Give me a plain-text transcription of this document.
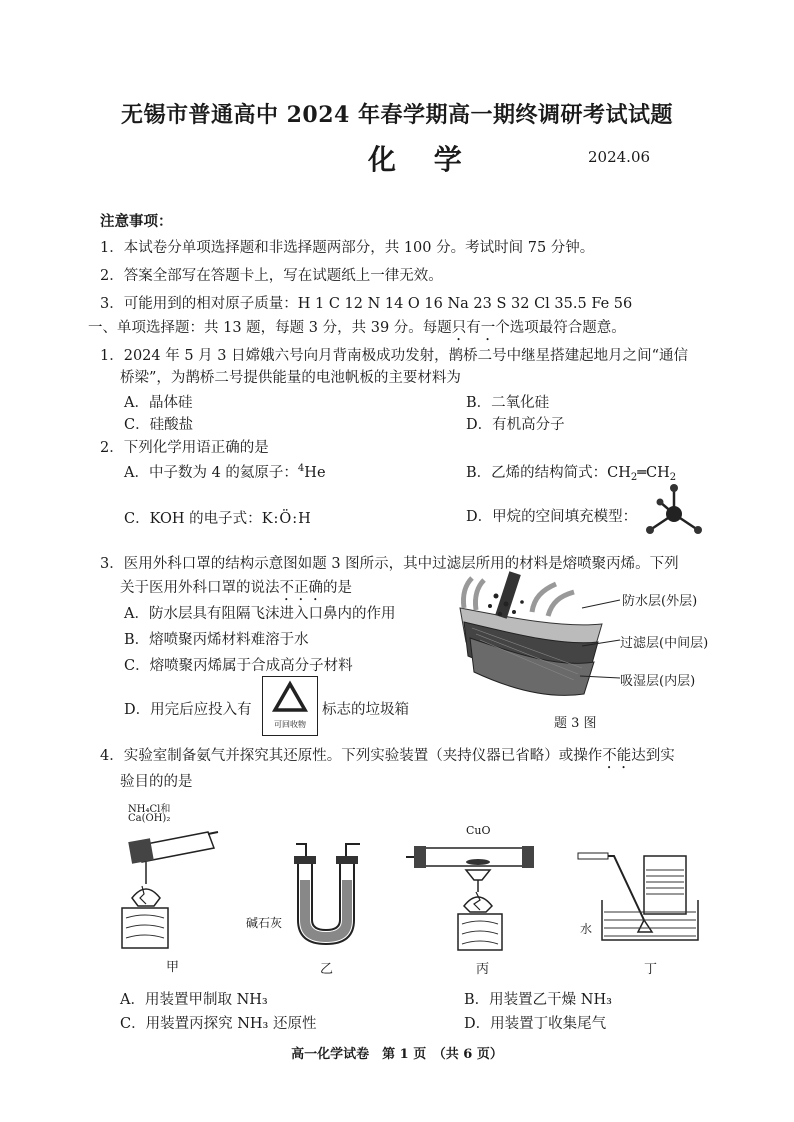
无锡市普通高中 2024 年春学期高一期终调研考试试题
化 学	2024.06
注意事项：
1．本试卷分单项选择题和非选择题两部分，共 100 分。考试时间 75 分钟。
2．答案全部写在答题卡上，写在试题纸上一律无效。
3．可能用到的相对原子质量：H 1 C 12 N 14 O 16 Na 23 S 32 Cl 35.5 Fe 56
一、单项选择题：共 13 题，每题 3 分，共 39 分。每题只有一个选项最符合题意。
1．2024 年 5 月 3 日嫦娥六号向月背南极成功发射，鹊桥二号中继星搭建起地月之间“通信
桥梁”，为鹊桥二号提供能量的电池帆板的主要材料为
A．晶体硅	B．二氧化硅
C．硅酸盐	D．有机高分子
2．下列化学用语正确的是
A．中子数为 4 的氦原子：$^4$He	B．乙烯的结构简式：$CH_2═CH_2$
C．KOH 的电子式：K:Ö:H	D．甲烷的空间填充模型：
3．医用外科口罩的结构示意图如题 3 图所示，其中过滤层所用的材料是熔喷聚丙烯。下列
关于医用外科口罩的说法不正确的是
A．防水层具有阻隔飞沫进入口鼻内的作用
B．熔喷聚丙烯材料难溶于水
C．熔喷聚丙烯属于合成高分子材料
D．用完后应投入有
可回收物
标志的垃圾箱
防水层(外层)
过滤层(中间层)
吸湿层(内层)
题 3 图
4．实验室制备氨气并探究其还原性。下列实验装置（夹持仪器已省略）或操作不能达到实
验目的的是
NH₄Cl和
Ca(OH)₂
甲
碱石灰
乙
CuO
丙
水
丁
A．用装置甲制取 NH₃	B．用装置乙干燥 NH₃
C．用装置丙探究 NH₃ 还原性	D．用装置丁收集尾气
高一化学试卷　第 1 页　（共 6 页）
